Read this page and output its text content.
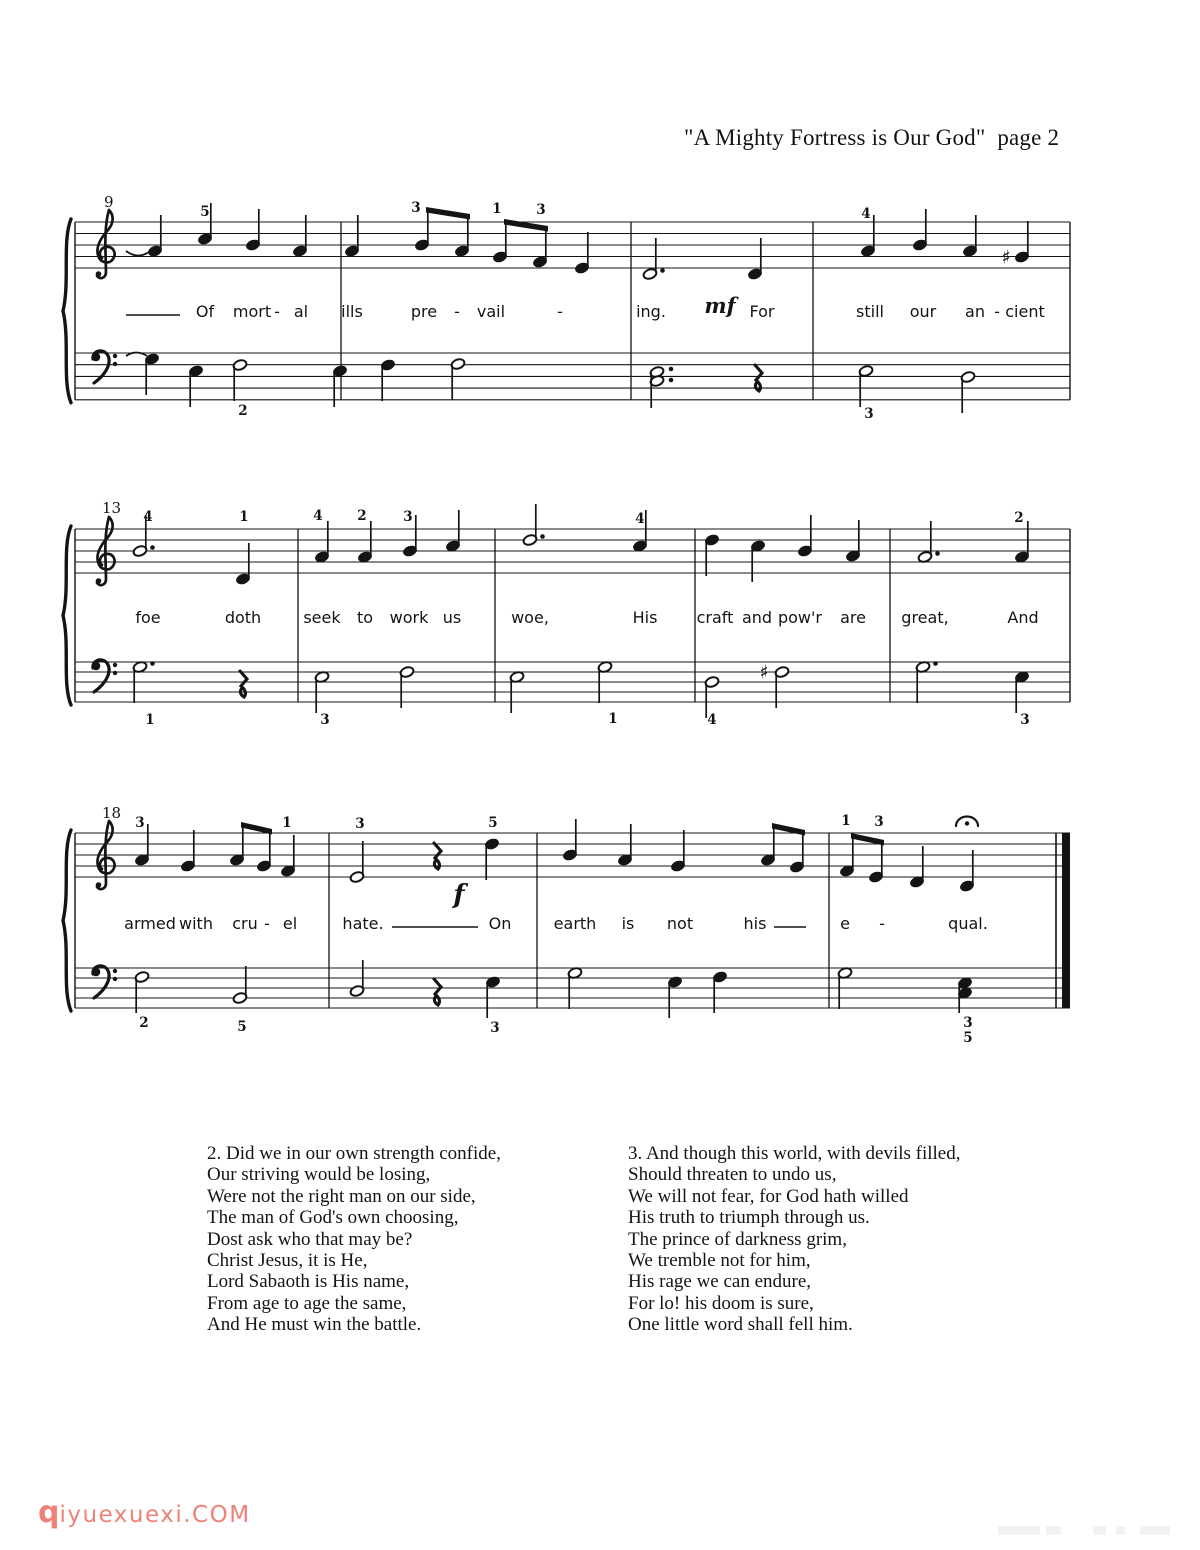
"A Mighty Fortress is Our God"  page 2
9
♯
Of mort - al ills	pre - vail	-	ing.	For	still our an - cient
5	3	1	3	4
2	3
mf
13
♯
foe	doth	seek to work us	woe,	His craft and pow'r are great,	And
4	1	4	2	3	4	2
1	3	1	4	3
18
armed with cru - el	hate.	On	earth is not	his	e -	qual.
3	1	3	5	1 3
2	5	3	3
5
f
2. Did we in our own strength confide,
Our striving would be losing,
Were not the right man on our side,
The man of God's own choosing,
Dost ask who that may be?
Christ Jesus, it is He,
Lord Sabaoth is His name,
From age to age the same,
And He must win the battle.
3. And though this world, with devils filled,
Should threaten to undo us,
We will not fear, for God hath willed
His truth to triumph through us.
The prince of darkness grim,
We tremble not for him,
His rage we can endure,
For lo! his doom is sure,
One little word shall fell him.
qiyuexuexi.COM
